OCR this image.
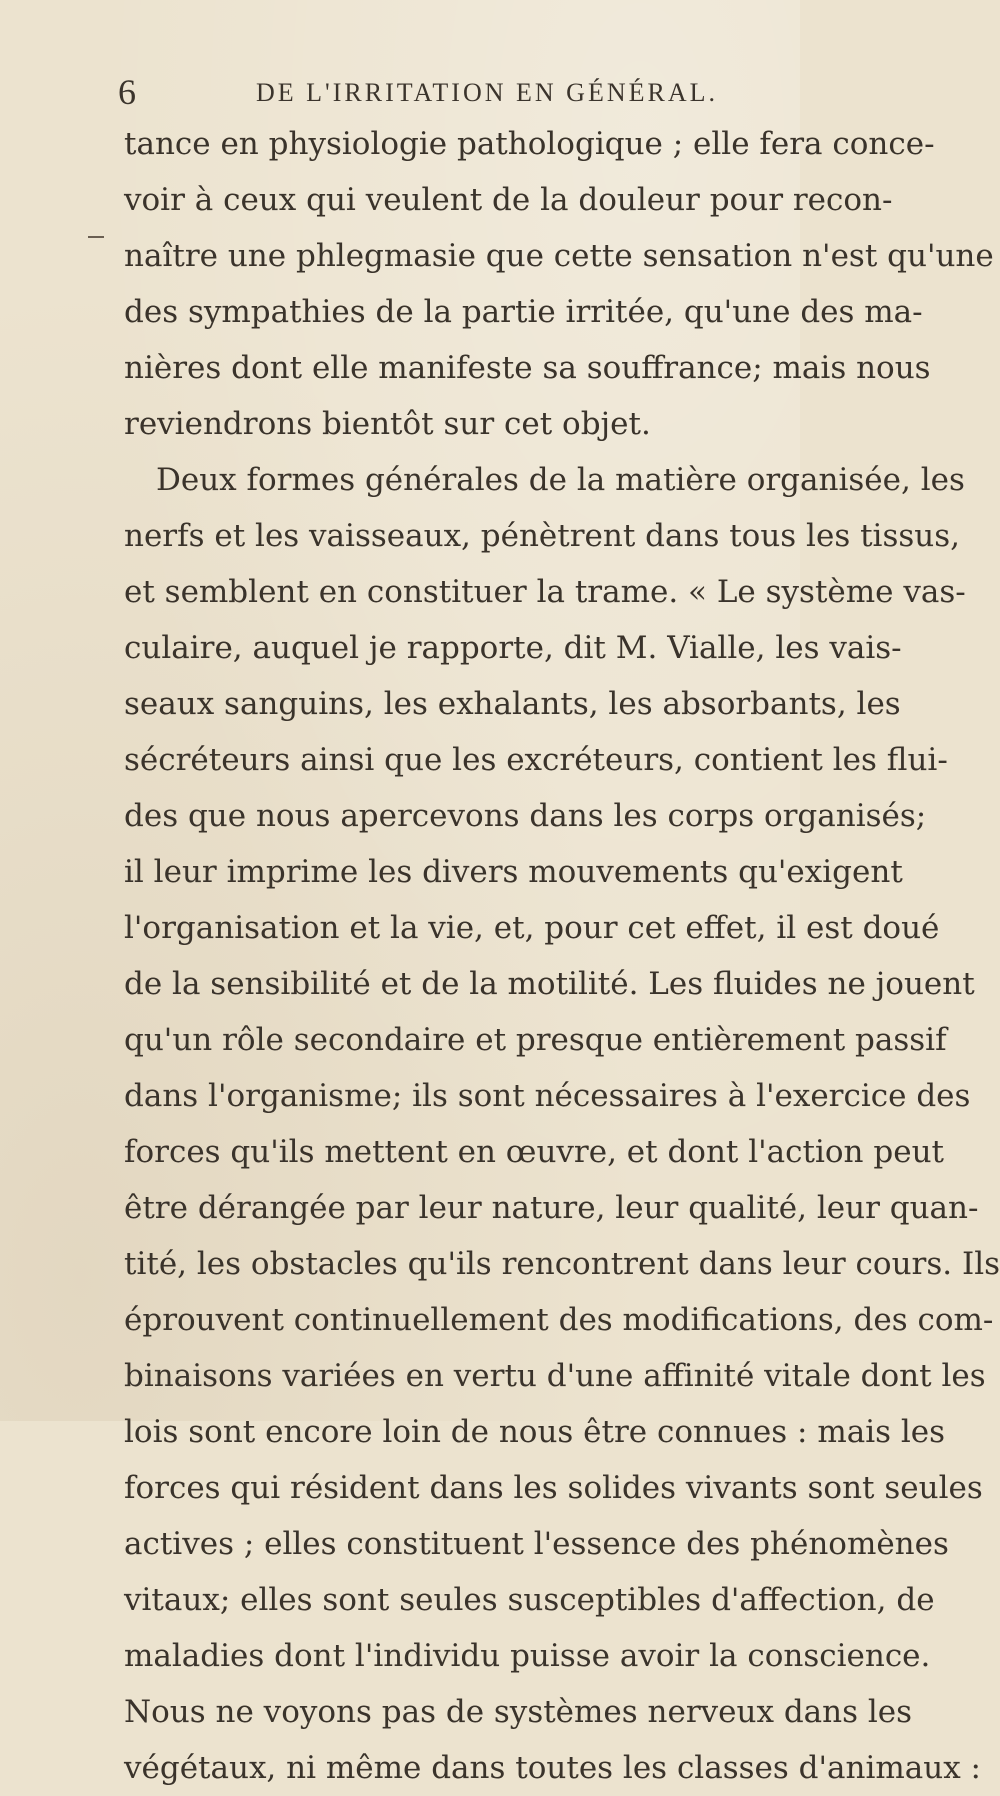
6	DE L'IRRITATION EN GÉNÉRAL.
tance en physiologie pathologique ; elle fera conce-
voir à ceux qui veulent de la douleur pour recon-
naître une phlegmasie que cette sensation n'est qu'une
des sympathies de la partie irritée, qu'une des ma-
nières dont elle manifeste sa souffrance; mais nous
reviendrons bientôt sur cet objet.
Deux formes générales de la matière organisée, les
nerfs et les vaisseaux, pénètrent dans tous les tissus,
et semblent en constituer la trame. « Le système vas-
culaire, auquel je rapporte, dit M. Vialle, les vais-
seaux sanguins, les exhalants, les absorbants, les
sécréteurs ainsi que les excréteurs, contient les flui-
des que nous apercevons dans les corps organisés;
il leur imprime les divers mouvements qu'exigent
l'organisation et la vie, et, pour cet effet, il est doué
de la sensibilité et de la motilité. Les fluides ne jouent
qu'un rôle secondaire et presque entièrement passif
dans l'organisme; ils sont nécessaires à l'exercice des
forces qu'ils mettent en œuvre, et dont l'action peut
être dérangée par leur nature, leur qualité, leur quan-
tité, les obstacles qu'ils rencontrent dans leur cours. Ils
éprouvent continuellement des modifications, des com-
binaisons variées en vertu d'une affinité vitale dont les
lois sont encore loin de nous être connues : mais les
forces qui résident dans les solides vivants sont seules
actives ; elles constituent l'essence des phénomènes
vitaux; elles sont seules susceptibles d'affection, de
maladies dont l'individu puisse avoir la conscience.
Nous ne voyons pas de systèmes nerveux dans les
végétaux, ni même dans toutes les classes d'animaux :
